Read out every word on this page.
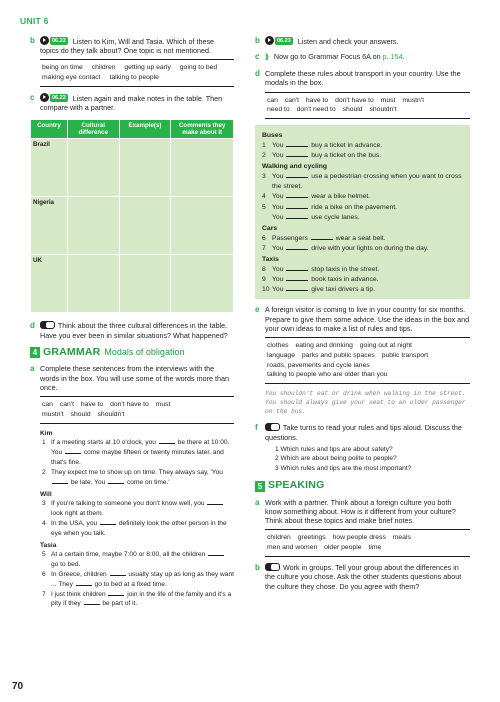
UNIT 6
b	06.22 Listen to Kim, Will and Tasia. Which of these topics do they talk about? One topic is not mentioned.
being on time children getting up early going to bed
making eye contact talking to people
c	06.22 Listen again and make notes in the table. Then compare with a partner.
Country	Cultural difference	Example(s)	Comments they make about it
Brazil			
Nigeria			
UK			
d	Think about the three cultural differences in the table. Have you ever been in similar situations? What happened?
4 GRAMMAR Modals of obligation
a Complete these sentences from the interviews with the words in the box. You will use some of the words more than once.
can can't have to don't have to must
mustn't should shouldn't
Kim
1 If a meeting starts at 10 o'clock, you	be there at 10:00. You	come maybe fifteen or twenty minutes later, and that's fine.
2 They expect me to show up on time. They always say, 'You  be late. You	come on time.'
Will
3 If you're talking to someone you don't know well, you  look right at them.
4 In the USA, you	definitely look the other person in the eye when you talk.
Tasia
5 At a certain time, maybe 7:00 or 8:00, all the children  go to bed.
6 In Greece, children	usually stay up as long as they want ... They	go to bed at a fixed time.
7 I just think children	join in the life of the family and it's a pity if they	be part of it.
b	06.23 Listen and check your answers.
c ⟫ Now go to Grammar Focus 6A on p. 154.
d Complete these rules about transport in your country. Use the modals in the box.
can can't have to don't have to must mustn't
need to don't need to should shouldn't
Buses
1 You	buy a ticket in advance.
2 You	buy a ticket on the bus.
Walking and cycling
3 You	use a pedestrian crossing when you want to cross the street.
4 You	wear a bike helmet.
5 You	ride a bike on the pavement.
You	use cycle lanes.
Cars
6 Passengers	wear a seat belt.
7 You	drive with your lights on during the day.
Taxis
8 You	stop taxis in the street.
9 You	book taxis in advance.
10 You	give taxi drivers a tip.
e A foreign visitor is coming to live in your country for six months. Prepare to give them some advice. Use the ideas in the box and your own ideas to make a list of rules and tips.
clothes eating and drinking going out at night
language parks and public spaces public transport
roads, pavements and cycle lanes
talking to people who are older than you
You shouldn't eat or drink when walking in the street.
You should always give your seat to an older passenger on the bus.
f	Take turns to read your rules and tips aloud. Discuss the questions.
1 Which rules and tips are about safety?
2 Which are about being polite to people?
3 Which rules and tips are the most important?
5 SPEAKING
a Work with a partner. Think about a foreign culture you both know something about. How is it different from your culture? Think about these topics and make brief notes.
children greetings how people dress meals
men and women older people time
b	Work in groups. Tell your group about the differences in the culture you chose. Ask the other students questions about the culture they chose. Do you agree with them?
70
